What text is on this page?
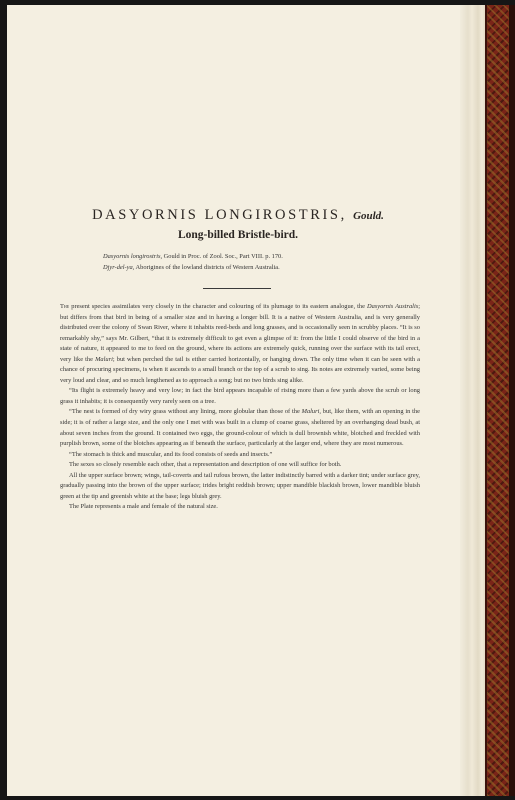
DASYORNIS LONGIROSTRIS, Gould.
Long-billed Bristle-bird.
Dasyornis longirostris, Gould in Proc. of Zool. Soc., Part VIII. p. 170.
Djyr-del-ya, Aborigines of the lowland districts of Western Australia.

The present species assimilates very closely in the character and colouring of its plumage to its eastern analogue, the Dasyornis Australis; but differs from that bird in being of a smaller size and in having a longer bill. It is a native of Western Australia, and is very generally distributed over the colony of Swan River, where it inhabits reed-beds and long grasses, and is occasionally seen in scrubby places. “It is so remarkably shy,” says Mr. Gilbert, “that it is extremely difficult to get even a glimpse of it: from the little I could observe of the bird in a state of nature, it appeared to me to feed on the ground, where its actions are extremely quick, running over the surface with its tail erect, very like the Maluri; but when perched the tail is either carried horizontally, or hanging down. The only time when it can be seen with a chance of procuring specimens, is when it ascends to a small branch or the top of a scrub to sing. Its notes are extremely varied, some being very loud and clear, and so much lengthened as to approach a song; but no two birds sing alike.

“Its flight is extremely heavy and very low; in fact the bird appears incapable of rising more than a few yards above the scrub or long grass it inhabits; it is consequently very rarely seen on a tree.

“The nest is formed of dry wiry grass without any lining, more globular than those of the Maluri, but, like them, with an opening in the side; it is of rather a large size, and the only one I met with was built in a clump of coarse grass, sheltered by an overhanging dead bush, at about seven inches from the ground. It contained two eggs, the ground-colour of which is dull brownish white, blotched and freckled with purplish brown, some of the blotches appearing as if beneath the surface, particularly at the larger end, where they are most numerous.

“The stomach is thick and muscular, and its food consists of seeds and insects.”

The sexes so closely resemble each other, that a representation and description of one will suffice for both.

All the upper surface brown; wings, tail-coverts and tail rufous brown, the latter indistinctly barred with a darker tint; under surface grey, gradually passing into the brown of the upper surface; irides bright reddish brown; upper mandible blackish brown, lower mandible bluish green at the tip and greenish white at the base; legs bluish grey.

The Plate represents a male and female of the natural size.
